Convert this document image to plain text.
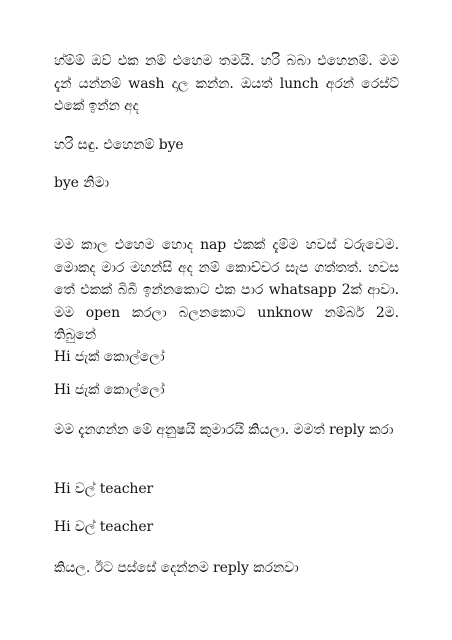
හ්ම්ම් ඔව් එක නම් එහෙම තමයි. හරි බබා එහෙනම්. මම දැන් යන්නම් wash දාල කන්න. ඔයත් lunch අරන් රෙස්ට් එකේ ඉන්න අද

හරි සඳු. එහෙනම් bye

bye නිමා

මම කාල එහෙම හොද nap එකක් දැම්ම හවස් වරුවෙම. මොකද මාර මහන්සි අද නම් කොච්චර සැප ගත්තත්. හවස තේ එකක් බිබී ඉන්නකොට එක පාර whatsapp 2ක් ආවා. මම open කරලා බලනකොට unknow නම්බර් 2ම. තිබුනේ

Hi ජැක් කොල්ලෝ

Hi ජැක් කොල්ලෝ

මම දැනගන්න මේ අනුෂයි කුමාරයි කියලා. මමත් reply කරා

Hi වල් teacher

Hi වල් teacher

කියල. ඊට පස්සේ දෙන්නම reply කරනවා
